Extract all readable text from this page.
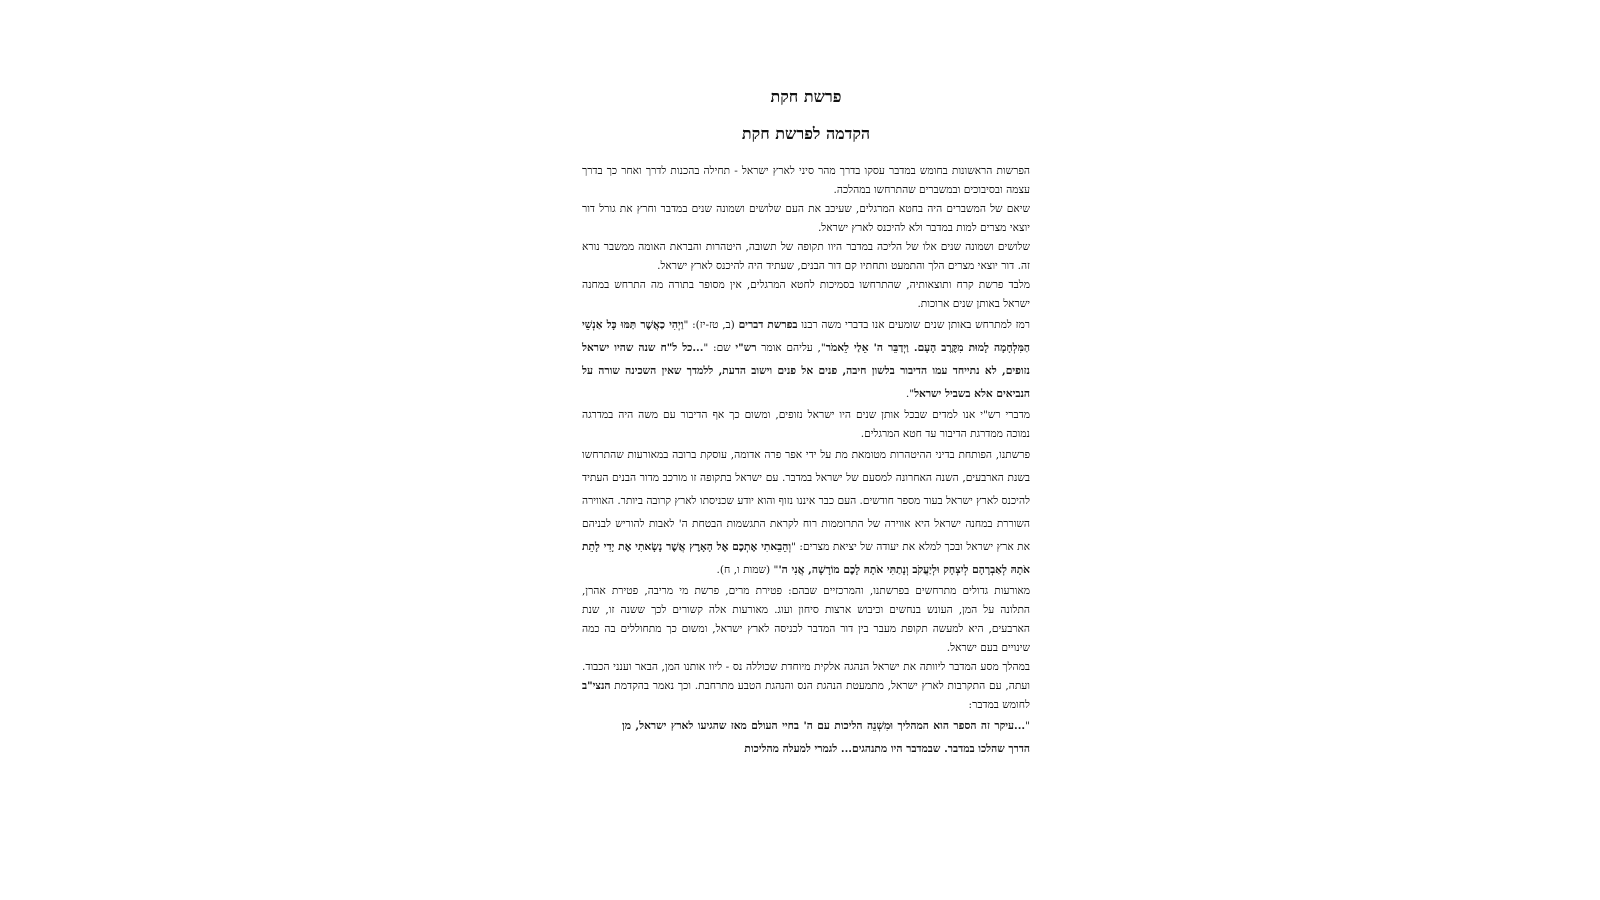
פרשת חקת
הקדמה לפרשת חקת

הפרשות הראשונות בחומש במדבר עסקו בדרך מהר סיני לארץ ישראל - תחילה בהכנות לדרך ואחר כך בדרך עצמה ובסיבוכים ובמשברים שהתרחשו במהלכה.

שיאם של המשברים היה בחטא המרגלים, שעיכב את העם שלושים ושמונה שנים במדבר וחרץ את גורל דור יוצאי מצרים למות במדבר ולא להיכנס לארץ ישראל.

שלושים ושמונה שנים אלו של הליכה במדבר היוו תקופה של תשובה, היטהרות והבראת האומה ממשבר נורא זה. דור יוצאי מצרים הלך והתמעט ותחתיו קם דור הבנים, שעתיד היה להיכנס לארץ ישראל.

מלבד פרשת קרח ותוצאותיה, שהתרחשו בסמיכות לחטא המרגלים, אין מסופר בתורה מה התרחש במחנה ישראל באותן שנים ארוכות.

רמז למתרחש באותן שנים שומעים אנו בדברי משה רבנו בפרשת דברים (ב, טז-יז): "וַיְהִי כַאֲשֶׁר תַּמּוּ כָּל אַנְשֵׁי הַמִּלְחָמָה לָמוּת מִקֶּרֶב הָעָם. וַיְדַבֵּר ה' אֵלַי לֵאמֹר", עליהם אומר רש"י שם: "...כל ל"ח שנה שהיו ישראל נזופים, לא נתייחד עמו הדיבור בלשון חיבה, פנים אל פנים וישוב הדעת, ללמדך שאין השכינה שורה על הנביאים אלא בשביל ישראל".

מדברי רש"י אנו למדים שבכל אותן שנים היו ישראל נזופים, ומשום כך אף הדיבור עם משה היה במדרגה נמוכה ממדרגת הדיבור עד חטא המרגלים.

פרשתנו, הפותחת בדיני ההיטהרות מטומאת מת על ידי אפר פרה אדומה, עוסקת ברובה במאורעות שהתרחשו בשנת הארבעים, השנה האחרונה למסעם של ישראל במדבר. עם ישראל בתקופה זו מורכב מדור הבנים העתיד להיכנס לארץ ישראל בעוד מספר חודשים. העם כבר איננו נזוף והוא יודע שכניסתו לארץ קרובה ביותר. האווירה השוררת במחנה ישראל היא אווירה של התרוממות רוח לקראת התגשמות הבטחת ה' לאבות להוריש לבניהם את ארץ ישראל ובכך למלא את יעודה של יציאת מצרים: "וְהֵבֵאתִי אֶתְכֶם אֶל הָאָרֶץ אֲשֶׁר נָשָׂאתִי אֶת יָדִי לָתֵת אֹתָהּ לְאַבְרָהָם לְיִצְחָק וּלְיַעֲקֹב וְנָתַתִּי אֹתָהּ לָכֶם מוֹרָשָׁה, אֲנִי ה'" (שמות ו, ח).

מאורעות גדולים מתרחשים בפרשתנו, והמרכזיים שבהם: פטירת מרים, פרשת מי מריבה, פטירת אהרן, התלונה על המן, העונש בנחשים וכיבוש ארצות סיחון ועוג. מאורעות אלה קשורים לכך ששנה זו, שנת הארבעים, היא למעשה תקופת מעבר בין דור המדבר לכניסה לארץ ישראל, ומשום כך מתחוללים בה כמה שינויים בעם ישראל.

במהלך מסע המדבר ליוותה את ישראל הנהגה אלקית מיוחדת שכוללה נס - ליוו אותנו המן, הבאר וענני הכבוד. ועתה, עם התקרבות לארץ ישראל, מתמעטת הנהגת הנס והנהגת הטבע מתרחבת. וכך נאמר בהקדמת הנצי"ב לחומש במדבר:

"...עיקר זה הספר הוא המהליך וּמִשְׁנֵה הליכות עם ה' בחיי העולם מאז שהגיעו לארץ ישראל, מן הדרך שהלכו במדבר. שבמדבר היו מתנהגים... לגמרי למעלה מהליכות
